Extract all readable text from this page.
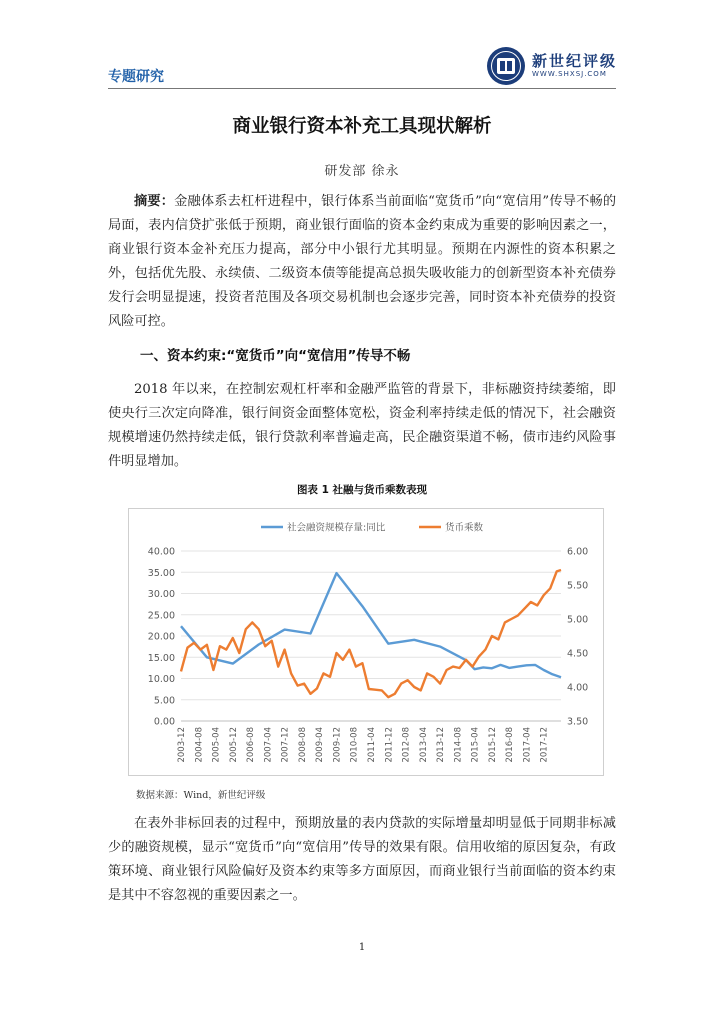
专题研究
新世纪评级
WWW.SHXSJ.COM
商业银行资本补充工具现状解析
研发部 徐永

摘要：金融体系去杠杆进程中，银行体系当前面临“宽货币”向“宽信用”传导不畅的局面，表内信贷扩张低于预期，商业银行面临的资本金约束成为重要的影响因素之一，商业银行资本金补充压力提高，部分中小银行尤其明显。预期在内源性的资本积累之外，包括优先股、永续债、二级资本债等能提高总损失吸收能力的创新型资本补充债券发行会明显提速，投资者范围及各项交易机制也会逐步完善，同时资本补充债券的投资风险可控。

一、资本约束:“宽货币”向“宽信用”传导不畅

2018 年以来，在控制宏观杠杆率和金融严监管的背景下，非标融资持续萎缩，即使央行三次定向降准，银行间资金面整体宽松，资金利率持续走低的情况下，社会融资规模增速仍然持续走低，银行贷款利率普遍走高，民企融资渠道不畅，债市违约风险事件明显增加。

图表 1 社融与货币乘数表现
0.00
5.00
10.00
15.00
20.00
25.00
30.00
35.00
40.00
3.50
4.00
4.50
5.00
5.50
6.00
2003-12 2004-08 2005-04 2005-12 2006-08 2007-04 2007-12 2008-08 2009-04 2009-12 2010-08 2011-04 2011-12 2012-08 2013-04 2013-12 2014-08 2015-04 2015-12 2016-08 2017-04 2017-12
社会融资规模存量:同比	货币乘数
数据来源：Wind，新世纪评级

在表外非标回表的过程中，预期放量的表内贷款的实际增量却明显低于同期非标减少的融资规模，显示“宽货币”向“宽信用”传导的效果有限。信用收缩的原因复杂，有政策环境、商业银行风险偏好及资本约束等多方面原因，而商业银行当前面临的资本约束是其中不容忽视的重要因素之一。

1
